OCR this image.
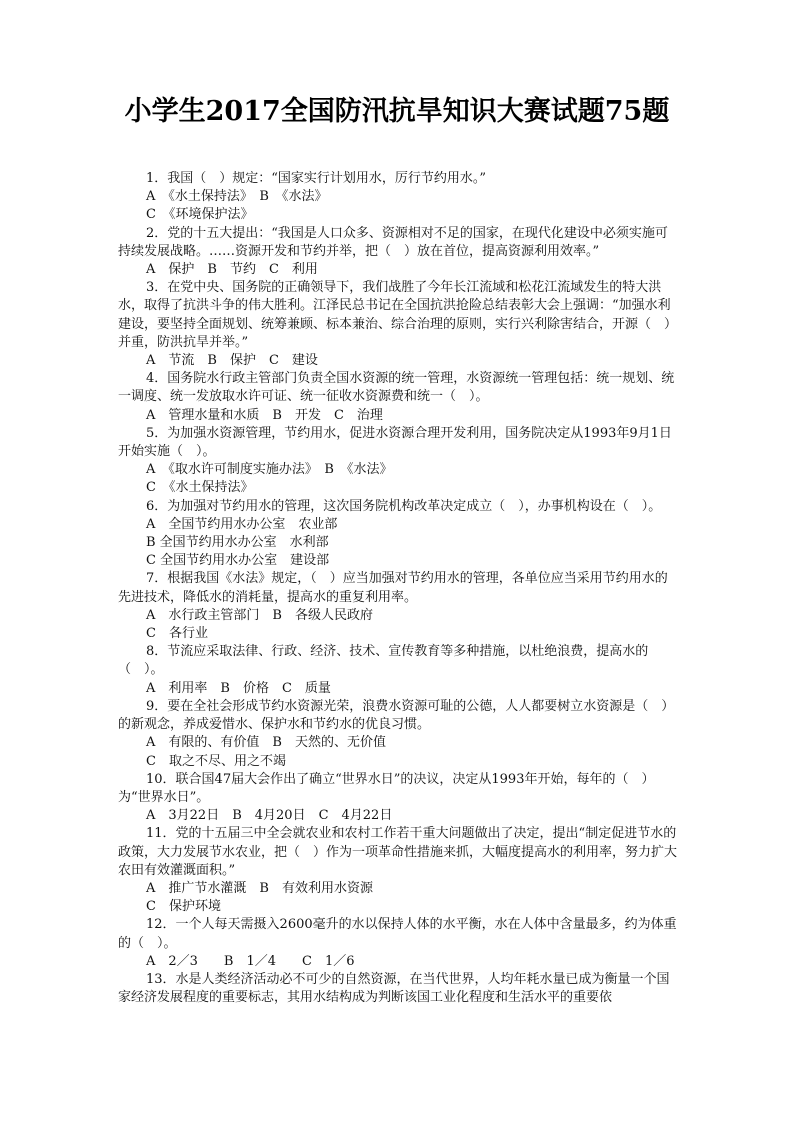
小学生2017全国防汛抗旱知识大赛试题75题

1．我国（　）规定：“国家实行计划用水，厉行节约用水。”

A　《水土保持法》　B　《水法》

C　《环境保护法》

2．党的十五大提出：“我国是人口众多、资源相对不足的国家，在现代化建设中必须实施可持续发展战略。……资源开发和节约并举，把（　）放在首位，提高资源利用效率。”

A　保护　B　节约　C　利用

3．在党中央、国务院的正确领导下，我们战胜了今年长江流域和松花江流域发生的特大洪水，取得了抗洪斗争的伟大胜利。江泽民总书记在全国抗洪抢险总结表彰大会上强调：“加强水利建设，要坚持全面规划、统筹兼顾、标本兼治、综合治理的原则，实行兴利除害结合，开源（　）并重，防洪抗旱并举。”

A　节流　B　保护　C　建设

4．国务院水行政主管部门负责全国水资源的统一管理，水资源统一管理包括：统一规划、统一调度、统一发放取水许可证、统一征收水资源费和统一（　）。

A　管理水量和水质　B　开发　C　治理

5．为加强水资源管理，节约用水，促进水资源合理开发利用，国务院决定从1993年9月1日开始实施（　）。

A　《取水许可制度实施办法》　B　《水法》

C　《水土保持法》

6．为加强对节约用水的管理，这次国务院机构改革决定成立（　），办事机构设在（　）。

A　全国节约用水办公室　农业部

B 全国节约用水办公室　水利部

C 全国节约用水办公室　建设部

7．根据我国《水法》规定，（　）应当加强对节约用水的管理，各单位应当采用节约用水的先进技术，降低水的消耗量，提高水的重复利用率。

A　水行政主管部门　B　各级人民政府

C　各行业

8．节流应采取法律、行政、经济、技术、宣传教育等多种措施，以杜绝浪费，提高水的（　）。

A　利用率　B　价格　C　质量

9．要在全社会形成节约水资源光荣，浪费水资源可耻的公德，人人都要树立水资源是（　）的新观念，养成爱惜水、保护水和节约水的优良习惯。

A　有限的、有价值　B　天然的、无价值

C　取之不尽、用之不竭

10．联合国47届大会作出了确立“世界水日”的决议，决定从1993年开始，每年的（　）为“世界水日”。

A　3月22日　B　4月20日　C　4月22日

11．党的十五届三中全会就农业和农村工作若干重大问题做出了决定，提出“制定促进节水的政策，大力发展节水农业，把（　）作为一项革命性措施来抓，大幅度提高水的利用率，努力扩大农田有效灌溉面积。”

A　推广节水灌溉　B　有效利用水资源

C　保护环境

12．一个人每天需摄入2600毫升的水以保持人体的水平衡，水在人体中含量最多，约为体重的（　）。

A　2／3　　B　1／4　　C　1／6

13．水是人类经济活动必不可少的自然资源，在当代世界，人均年耗水量已成为衡量一个国家经济发展程度的重要标志，其用水结构成为判断该国工业化程度和生活水平的重要依
